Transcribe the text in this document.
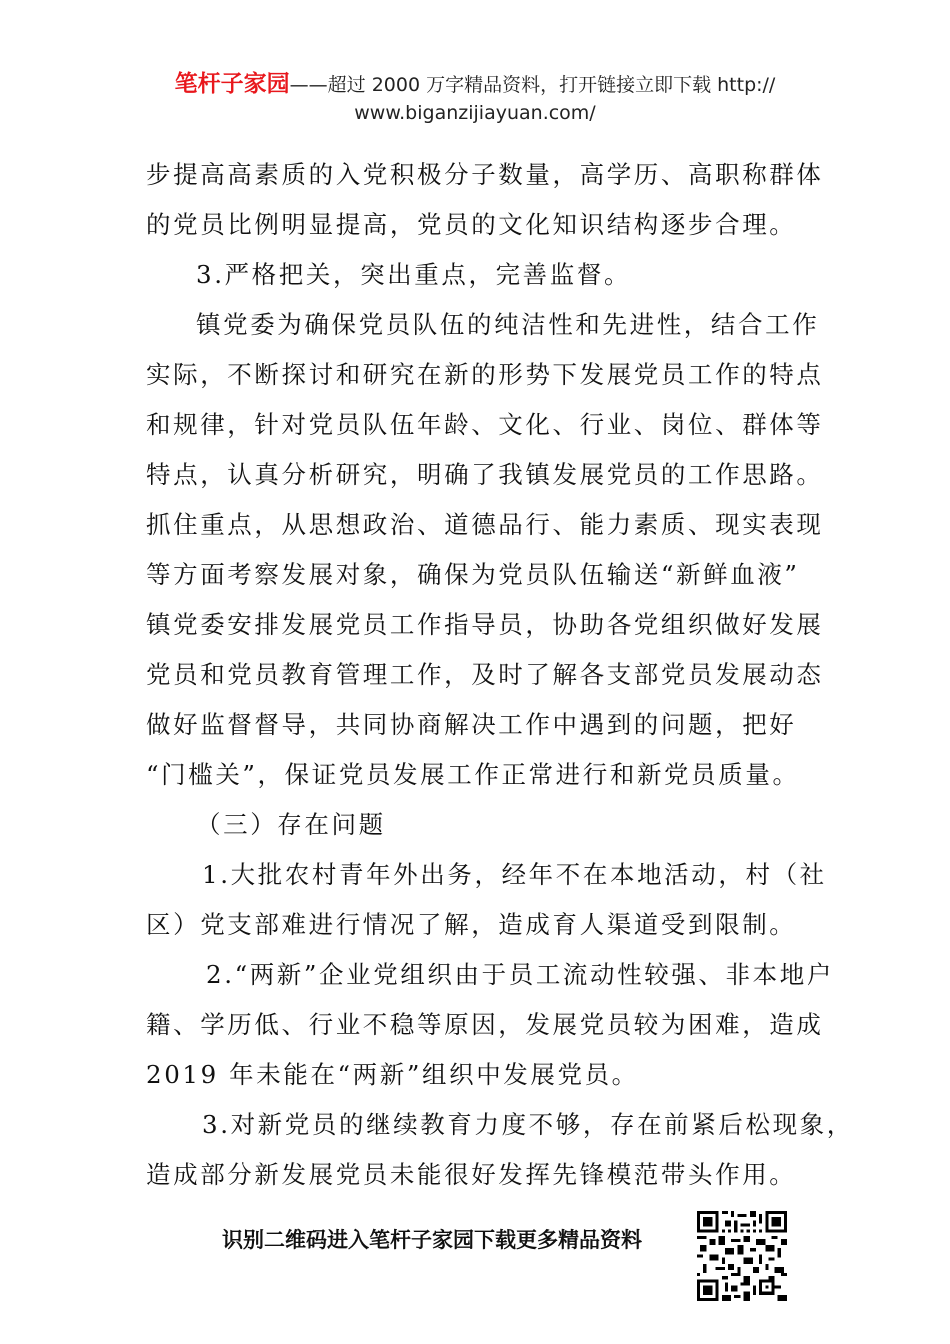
笔杆子家园——超过 2000 万字精品资料，打开链接立即下载 http://
www.biganzijiayuan.com/
步提高高素质的入党积极分子数量，高学历、高职称群体
的党员比例明显提高，党员的文化知识结构逐步合理。
3.严格把关，突出重点，完善监督。
镇党委为确保党员队伍的纯洁性和先进性，结合工作
实际，不断探讨和研究在新的形势下发展党员工作的特点
和规律，针对党员队伍年龄、文化、行业、岗位、群体等
特点，认真分析研究，明确了我镇发展党员的工作思路。
抓住重点，从思想政治、道德品行、能力素质、现实表现
等方面考察发展对象，确保为党员队伍输送“新鲜血液”
镇党委安排发展党员工作指导员，协助各党组织做好发展
党员和党员教育管理工作，及时了解各支部党员发展动态
做好监督督导，共同协商解决工作中遇到的问题，把好
“门槛关”，保证党员发展工作正常进行和新党员质量。
（三）存在问题
1.大批农村青年外出务，经年不在本地活动，村（社
区）党支部难进行情况了解，造成育人渠道受到限制。
2.“两新”企业党组织由于员工流动性较强、非本地户
籍、学历低、行业不稳等原因，发展党员较为困难，造成
2019 年未能在“两新”组织中发展党员。
3.对新党员的继续教育力度不够，存在前紧后松现象，
造成部分新发展党员未能很好发挥先锋模范带头作用。
识别二维码进入笔杆子家园下载更多精品资料
